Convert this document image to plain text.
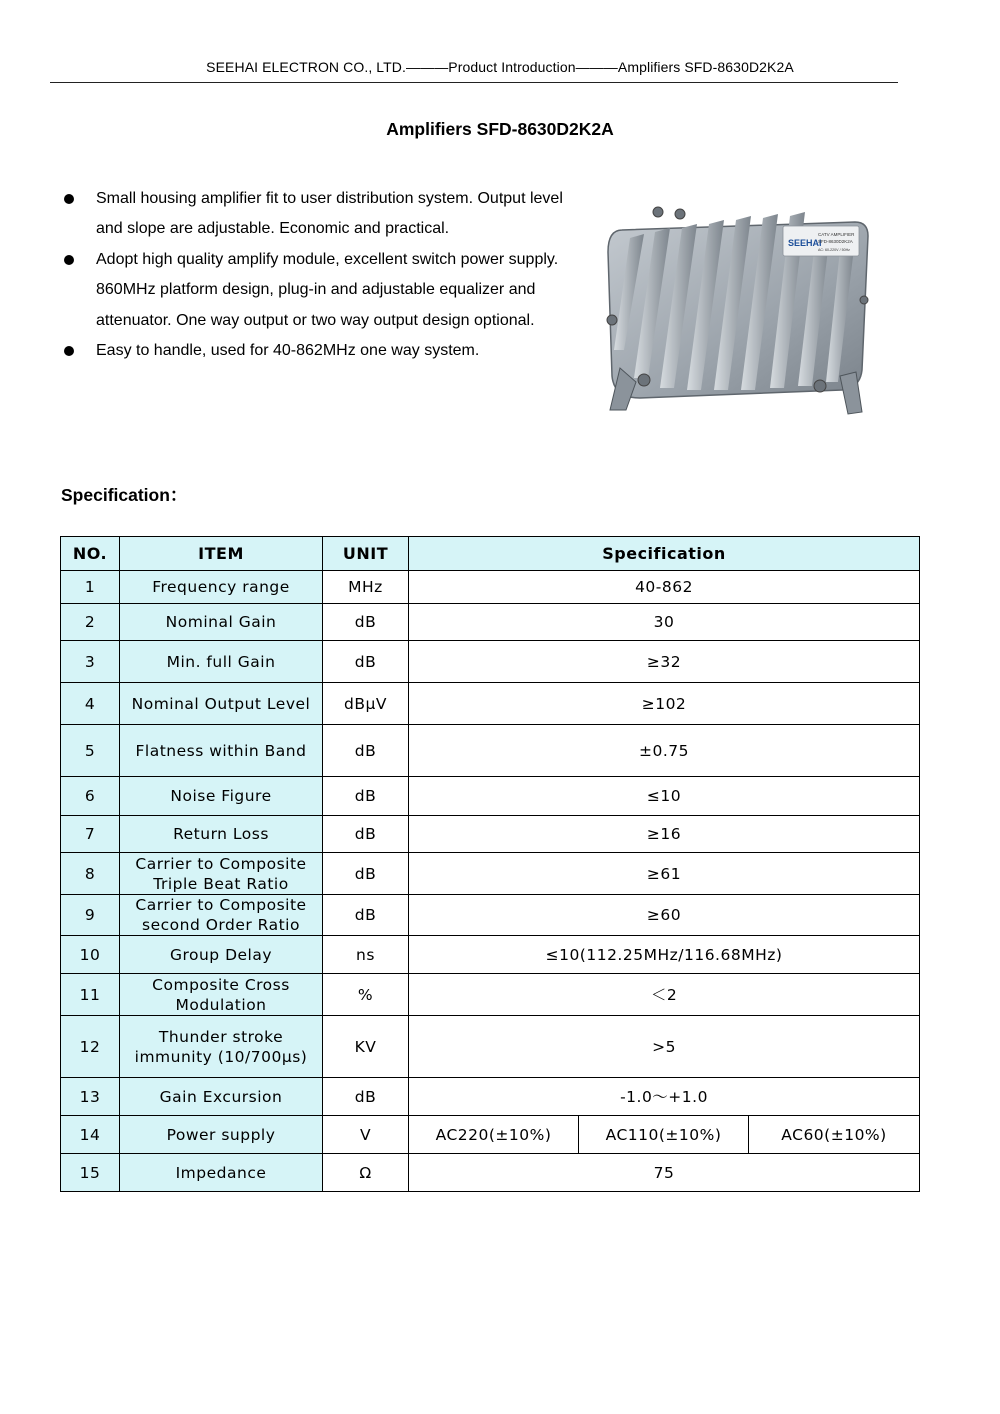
SEEHAI ELECTRON CO., LTD.———Product Introduction———Amplifiers SFD-8630D2K2A
Amplifiers SFD-8630D2K2A
Small housing amplifier fit to user distribution system. Output level and slope are adjustable. Economic and practical.
Adopt high quality amplify module, excellent switch power supply. 860MHz platform design, plug-in and adjustable equalizer and attenuator. One way output or two way output design optional.
Easy to handle, used for 40-862MHz one way system.
SEEHAI
CATV AMPLIFIER
SFD-8630D2K2A
AC: 60-220V / 50Hz
Specification：
NO.	ITEM	UNIT	Specification		
1	Frequency range	MHz	40-862		
2	Nominal Gain	dB	30		
3	Min. full Gain	dB	≥32		
4	Nominal Output Level	dBμV	≥102		
5	Flatness within Band	dB	±0.75		
6	Noise Figure	dB	≤10		
7	Return Loss	dB	≥16		
8	Carrier to Composite Triple Beat Ratio	dB	≥61		
9	Carrier to Composite second Order Ratio	dB	≥60		
10	Group Delay	ns	≤10(112.25MHz/116.68MHz)		
11	Composite Cross Modulation	%	＜2		
12	Thunder stroke immunity (10/700μs)	KV	>5		
13	Gain Excursion	dB	-1.0～+1.0		
14	Power supply	V	AC220(±10%)	AC110(±10%)	AC60(±10%)
15	Impedance	Ω	75		
